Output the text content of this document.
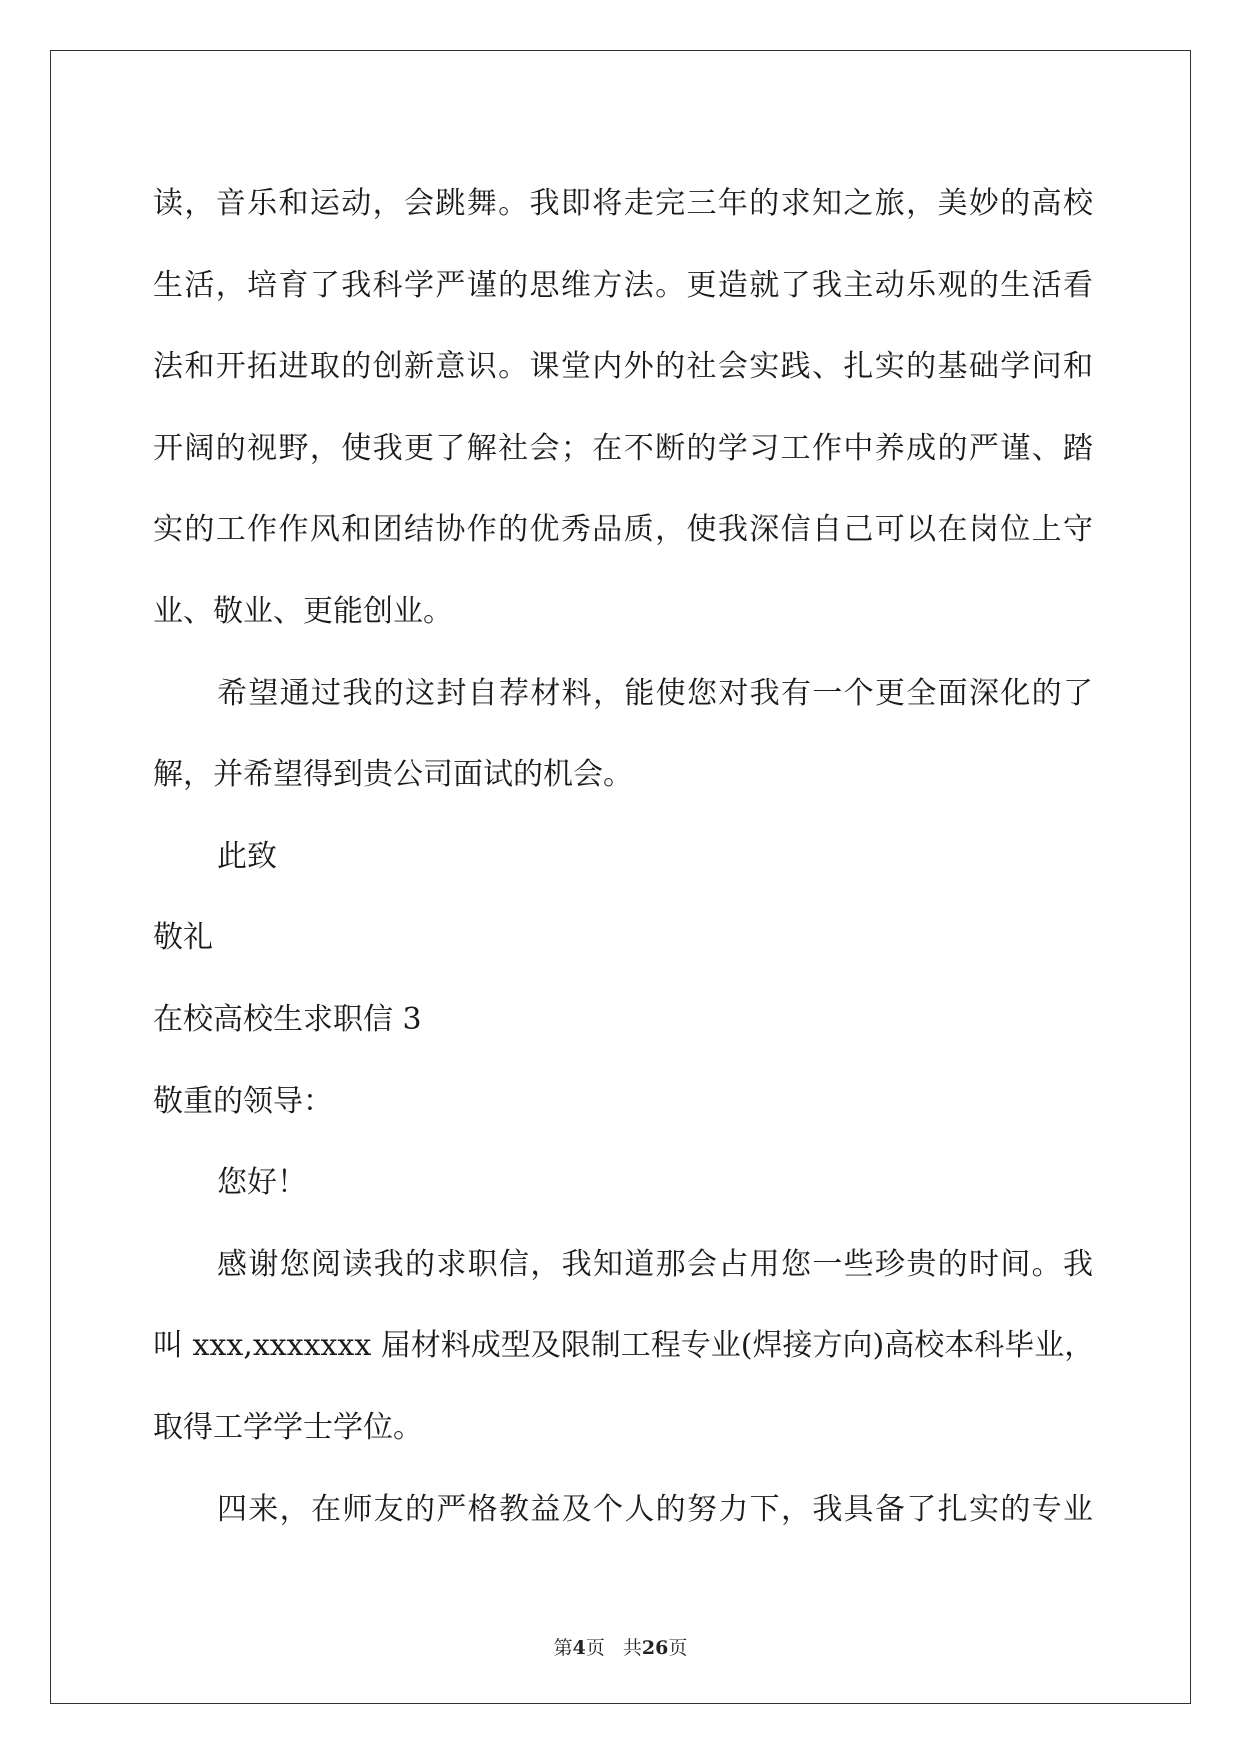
读，音乐和运动，会跳舞。我即将走完三年的求知之旅，美妙的高校
生活，培育了我科学严谨的思维方法。更造就了我主动乐观的生活看
法和开拓进取的创新意识。课堂内外的社会实践、扎实的基础学问和
开阔的视野，使我更了解社会；在不断的学习工作中养成的严谨、踏
实的工作作风和团结协作的优秀品质，使我深信自己可以在岗位上守
业、敬业、更能创业。
希望通过我的这封自荐材料，能使您对我有一个更全面深化的了
解，并希望得到贵公司面试的机会。
此致
敬礼
在校高校生求职信 3
敬重的领导：
您好！
感谢您阅读我的求职信，我知道那会占用您一些珍贵的时间。我
叫 xxx,xxxxxxx 届材料成型及限制工程专业(焊接方向)高校本科毕业，
取得工学学士学位。
四来，在师友的严格教益及个人的努力下，我具备了扎实的专业
第4页 共26页
